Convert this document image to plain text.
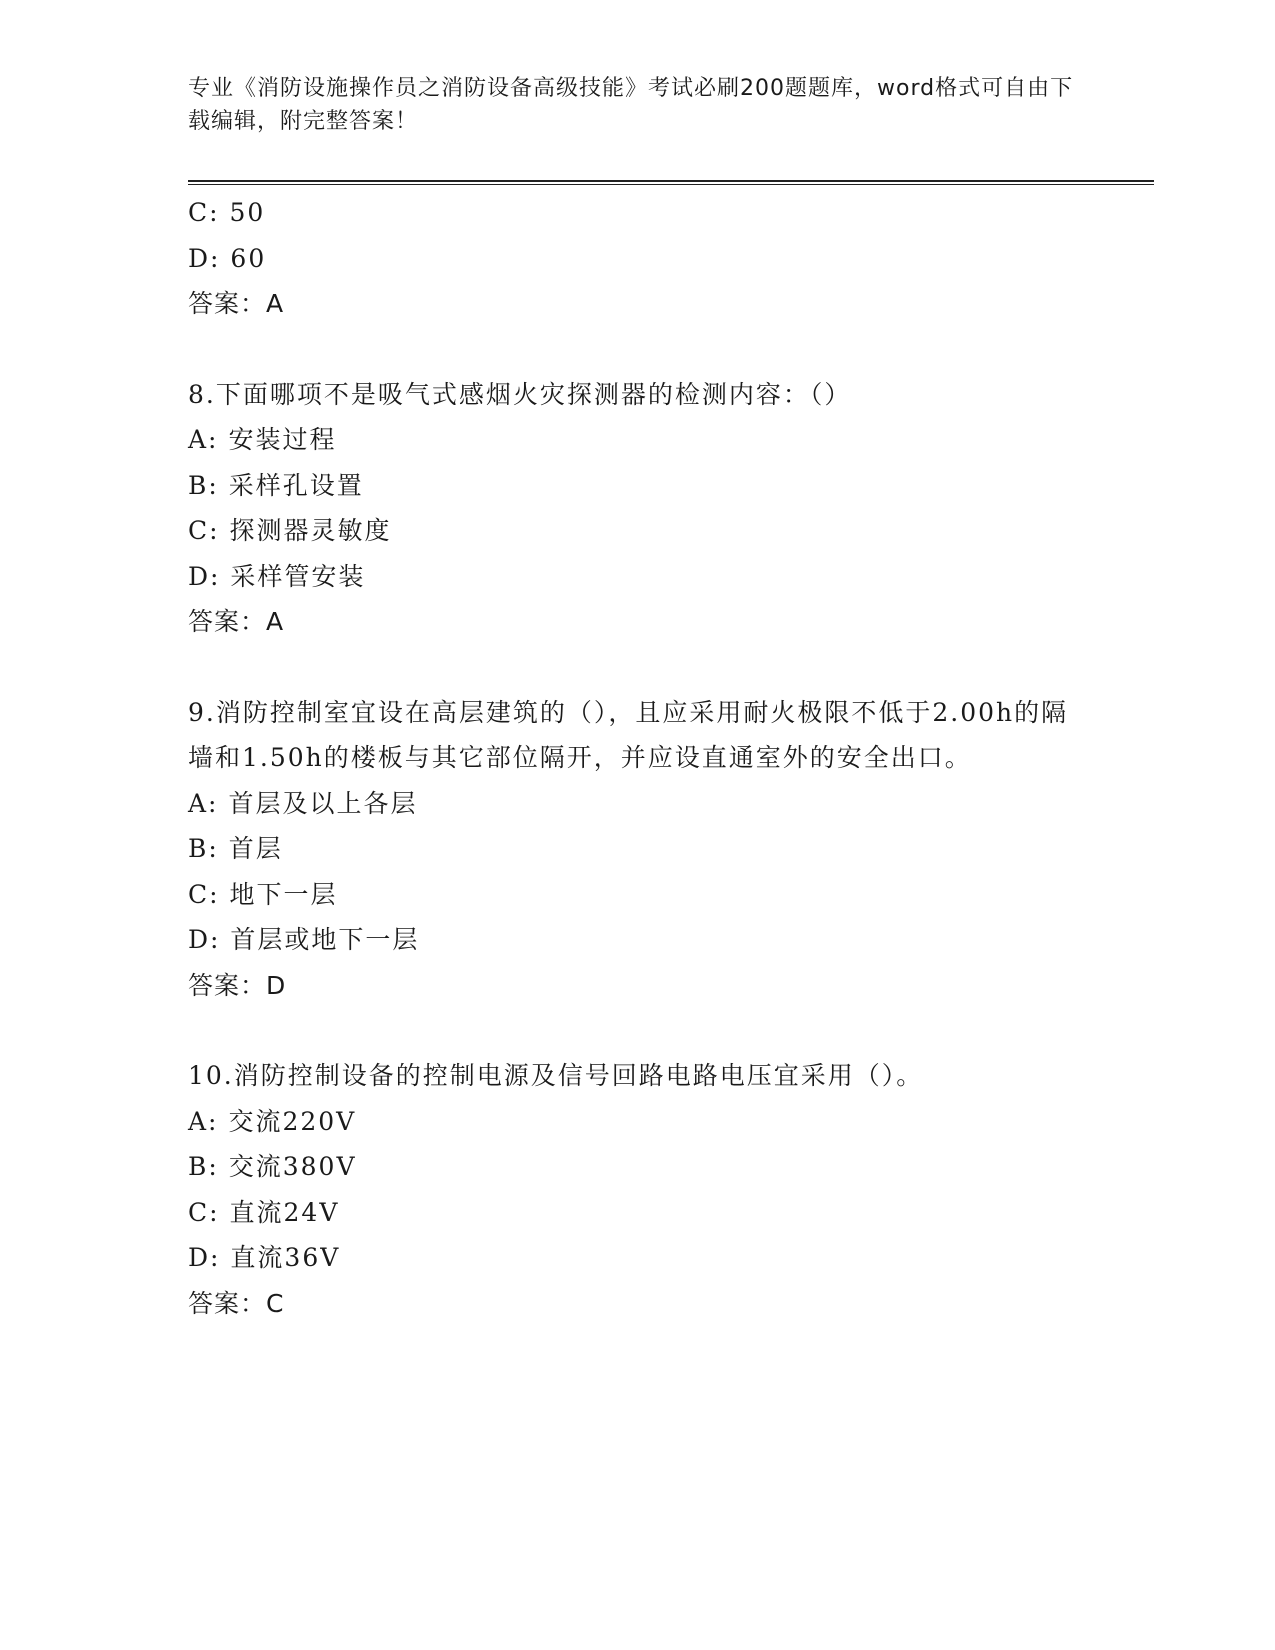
专业《消防设施操作员之消防设备高级技能》考试必刷200题题库，word格式可自由下载编辑，附完整答案！
C: 50
D: 60
答案：A
8.下面哪项不是吸气式感烟火灾探测器的检测内容：（）
A: 安装过程
B: 采样孔设置
C: 探测器灵敏度
D: 采样管安装
答案：A
9.消防控制室宜设在高层建筑的（），且应采用耐火极限不低于2.00h的隔墙和1.50h的楼板与其它部位隔开，并应设直通室外的安全出口。
A: 首层及以上各层
B: 首层
C: 地下一层
D: 首层或地下一层
答案：D
10.消防控制设备的控制电源及信号回路电路电压宜采用（）。
A: 交流220V
B: 交流380V
C: 直流24V
D: 直流36V
答案：C
